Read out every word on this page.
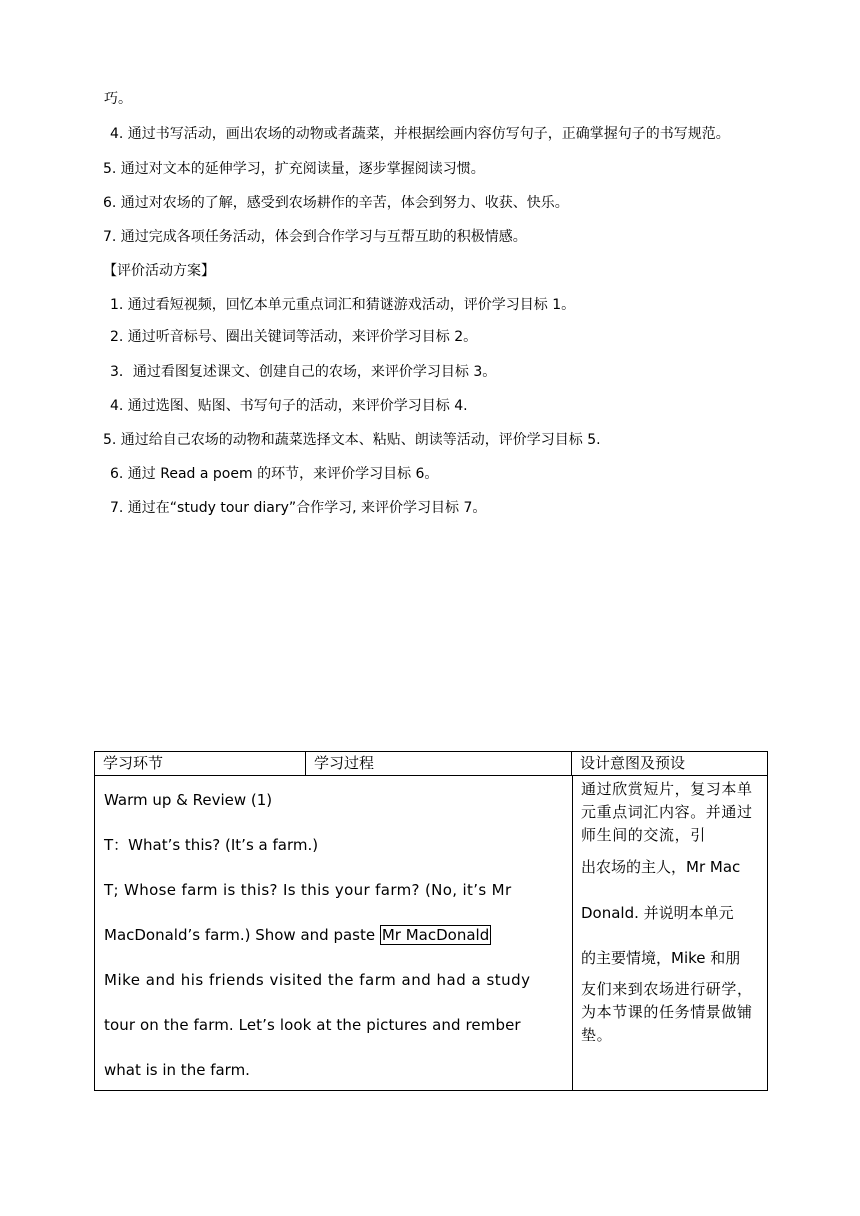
巧。
4. 通过书写活动，画出农场的动物或者蔬菜，并根据绘画内容仿写句子，正确掌握句子的书写规范。
5. 通过对文本的延伸学习，扩充阅读量，逐步掌握阅读习惯。
6. 通过对农场的了解，感受到农场耕作的辛苦，体会到努力、收获、快乐。
7. 通过完成各项任务活动，体会到合作学习与互帮互助的积极情感。
【评价活动方案】
1. 通过看短视频，回忆本单元重点词汇和猜谜游戏活动，评价学习目标 1。
2. 通过听音标号、圈出关键词等活动，来评价学习目标 2。
3．通过看图复述课文、创建自己的农场，来评价学习目标 3。
4. 通过选图、贴图、书写句子的活动，来评价学习目标 4.
5. 通过给自己农场的动物和蔬菜选择文本、粘贴、朗读等活动，评价学习目标 5.
6. 通过 Read a poem 的环节，来评价学习目标 6。
7. 通过在“study tour diary”合作学习, 来评价学习目标 7。
学习环节	学习过程	设计意图及预设
Warm up & Review (1)
T：What’s this? (It’s a farm.)
T; Whose farm is this? Is this your farm? (No, it’s Mr
MacDonald’s farm.) Show and paste Mr MacDonald
Mike and his friends visited the farm and had a study
tour on the farm. Let’s look at the pictures and rember
what is in the farm.
通过欣赏短片，复习本单元重点词汇内容。并通过师生间的交流，引
出农场的主人，Mr Mac
Donald. 并说明本单元
的主要情境，Mike 和朋
友们来到农场进行研学，为本节课的任务情景做铺垫。
